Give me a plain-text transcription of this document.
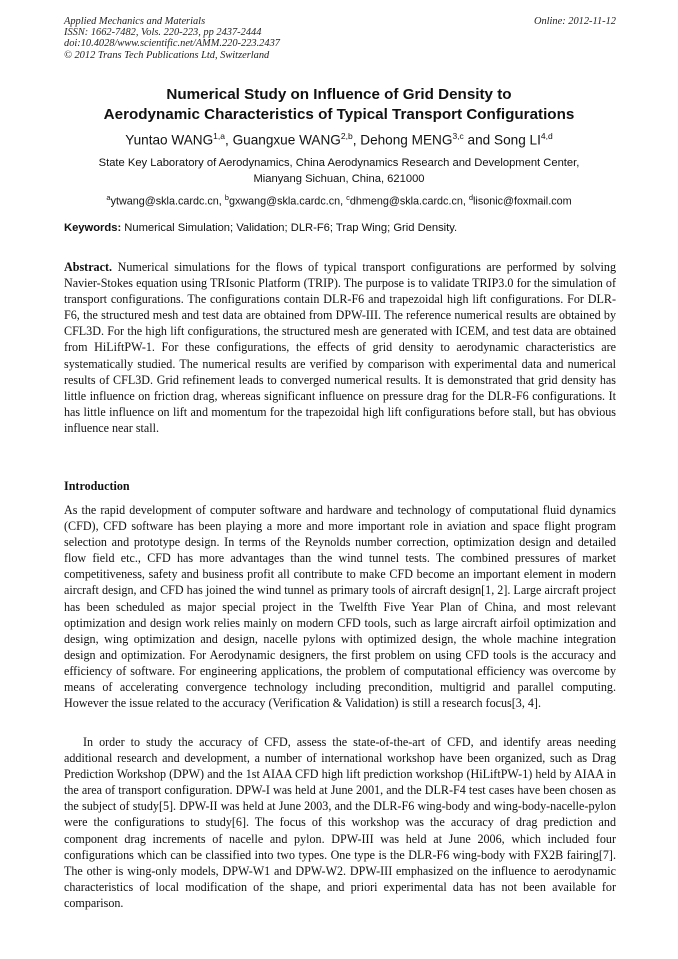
Applied Mechanics and Materials
ISSN: 1662-7482, Vols. 220-223, pp 2437-2444
doi:10.4028/www.scientific.net/AMM.220-223.2437
© 2012 Trans Tech Publications Ltd, Switzerland
Online: 2012-11-12
Numerical Study on Influence of Grid Density to
Aerodynamic Characteristics of Typical Transport Configurations
Yuntao WANG$^{1,a}$, Guangxue WANG$^{2,b}$, Dehong MENG$^{3,c}$ and Song LI$^{4,d}$
State Key Laboratory of Aerodynamics, China Aerodynamics Research and Development Center,
Mianyang Sichuan, China, 621000
$^a$ytwang@skla.cardc.cn, $^b$gxwang@skla.cardc.cn, $^c$dhmeng@skla.cardc.cn, $^d$lisonic@foxmail.com
Keywords: Numerical Simulation; Validation; DLR-F6; Trap Wing; Grid Density.
Abstract. Numerical simulations for the flows of typical transport configurations are performed by solving Navier-Stokes equation using TRIsonic Platform (TRIP). The purpose is to validate TRIP3.0 for the simulation of transport configurations. The configurations contain DLR-F6 and trapezoidal high lift configurations. For DLR-F6, the structured mesh and test data are obtained from DPW-III. The reference numerical results are obtained by CFL3D. For the high lift configurations, the structured mesh are generated with ICEM, and test data are obtained from HiLiftPW-1. For these configurations, the effects of grid density to aerodynamic characteristics are systematically studied. The numerical results are verified by comparison with experimental data and numerical results of CFL3D. Grid refinement leads to converged numerical results. It is demonstrated that grid density has little influence on friction drag, whereas significant influence on pressure drag for the DLR-F6 configurations. It has little influence on lift and momentum for the trapezoidal high lift configurations before stall, but has obvious influence near stall.
Introduction
As the rapid development of computer software and hardware and technology of computational fluid dynamics (CFD), CFD software has been playing a more and more important role in aviation and space flight program selection and prototype design. In terms of the Reynolds number correction, optimization design and detailed flow field etc., CFD has more advantages than the wind tunnel tests. The combined pressures of market competitiveness, safety and business profit all contribute to make CFD become an important element in modern aircraft design, and CFD has joined the wind tunnel as primary tools of aircraft design[1, 2]. Large aircraft project has been scheduled as major special project in the Twelfth Five Year Plan of China, and most relevant optimization and design work relies mainly on modern CFD tools, such as large aircraft airfoil optimization and design, wing optimization and design, nacelle pylons with optimized design, the whole machine integration design and optimization. For Aerodynamic designers, the first problem on using CFD tools is the accuracy and efficiency of software. For engineering applications, the problem of computational efficiency was overcome by means of accelerating convergence technology including precondition, multigrid and parallel computing. However the issue related to the accuracy (Verification & Validation) is still a research focus[3, 4].
In order to study the accuracy of CFD, assess the state-of-the-art of CFD, and identify areas needing additional research and development, a number of international workshop have been organized, such as Drag Prediction Workshop (DPW) and the 1st AIAA CFD high lift prediction workshop (HiLiftPW-1) held by AIAA in the area of transport configuration. DPW-I was held at June 2001, and the DLR-F4 test cases have been chosen as the subject of study[5]. DPW-II was held at June 2003, and the DLR-F6 wing-body and wing-body-nacelle-pylon were the configurations to study[6]. The focus of this workshop was the accuracy of drag prediction and component drag increments of nacelle and pylon. DPW-III was held at June 2006, which included four configurations which can be classified into two types. One type is the DLR-F6 wing-body with FX2B fairing[7]. The other is wing-only models, DPW-W1 and DPW-W2. DPW-III emphasized on the influence to aerodynamic characteristics of local modification of the shape, and priori experimental data has not been available for comparison.
